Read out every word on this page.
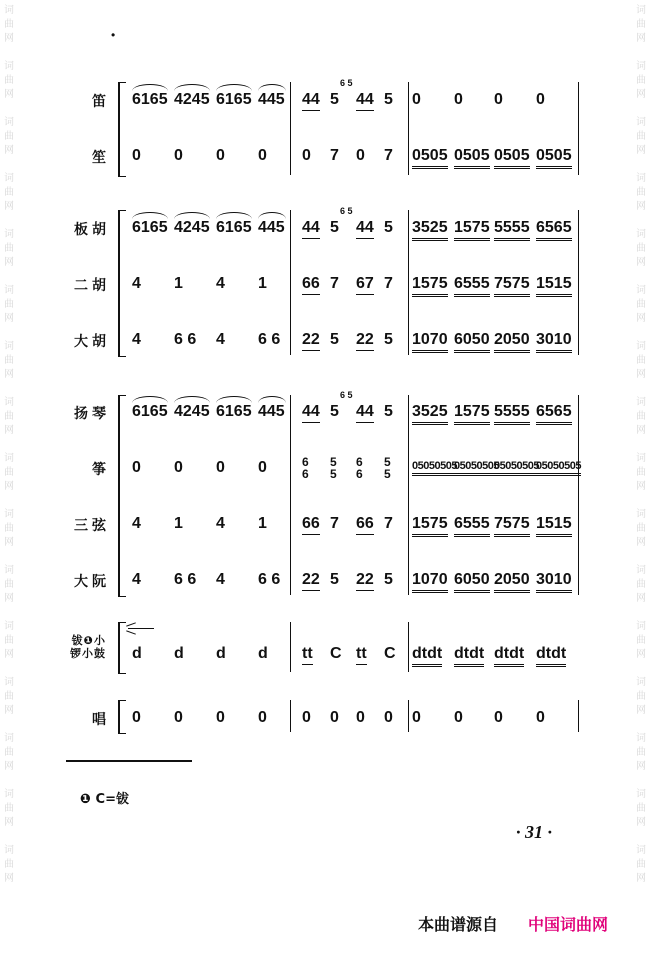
词
曲
网

词
曲
网

词
曲
网

词
曲
网

词
曲
网

词
曲
网

词
曲
网

词
曲
网

词
曲
网

词
曲
网

词
曲
网

词
曲
网

词
曲
网

词
曲
网

词
曲
网

词
曲
网

词
曲
网

词
曲
网

词
曲
网

词
曲
网

词
曲
网

词
曲
网

词
曲
网

词
曲
网

词
曲
网

词
曲
网

词
曲
网

词
曲
网

词
曲
网

词
曲
网

词
曲
网

词
曲
网

•
笛 6165 4245 6165 445 44 5 44 5 0 0 0 0
6 5
笙 0 0 0 0 0 7 0 7 0505 0505 0505 0505
板胡 6165 4245 6165 445 44 5 44 5 3525 1575 5555 6565
6 5
二胡 4 1 4 1 66 7 67 7 1575 6555 7575 1515
大胡 4 6 6 4 6 6 22 5 22 5 1070 6050 2050 3010
扬琴 6165 4245 6165 445 44 5 44 5 3525 1575 5555 6565
6 5
筝 0 0 0 0	6
6
5
5
6
6
5
5
05050505
05050505
05050505
05050505
三弦 4 1 4 1 66 7 66 7 1575 6555 7575 1515
大阮 4 6 6 4 6 6 22 5 22 5 1070 6050 2050 3010
钹❶小锣小鼓 d d d d tt C tt C dtdt dtdt dtdt dtdt
唱 0 0 0 0 0 0 0 0 0 0 0 0
❶ C=钹
· 31 ·
本曲谱源自 中国词曲网
